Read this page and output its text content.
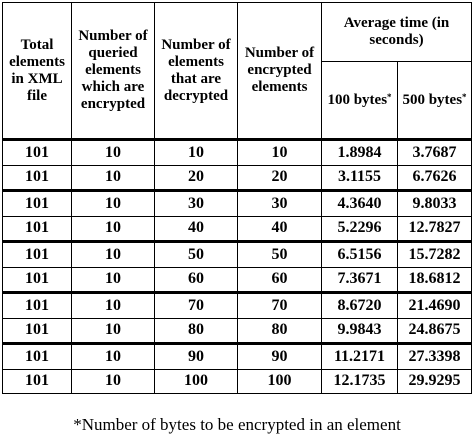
Total elements in XML file	Number of queried elements which are encrypted	Number of elements that are decrypted	Number of encrypted elements	Average time (in seconds)	
				100 bytes*	500 bytes*
101	10	10	10	1.8984	3.7687
101	10	20	20	3.1155	6.7626
101	10	30	30	4.3640	9.8033
101	10	40	40	5.2296	12.7827
101	10	50	50	6.5156	15.7282
101	10	60	60	7.3671	18.6812
101	10	70	70	8.6720	21.4690
101	10	80	80	9.9843	24.8675
101	10	90	90	11.2171	27.3398
101	10	100	100	12.1735	29.9295
*Number of bytes to be encrypted in an element
